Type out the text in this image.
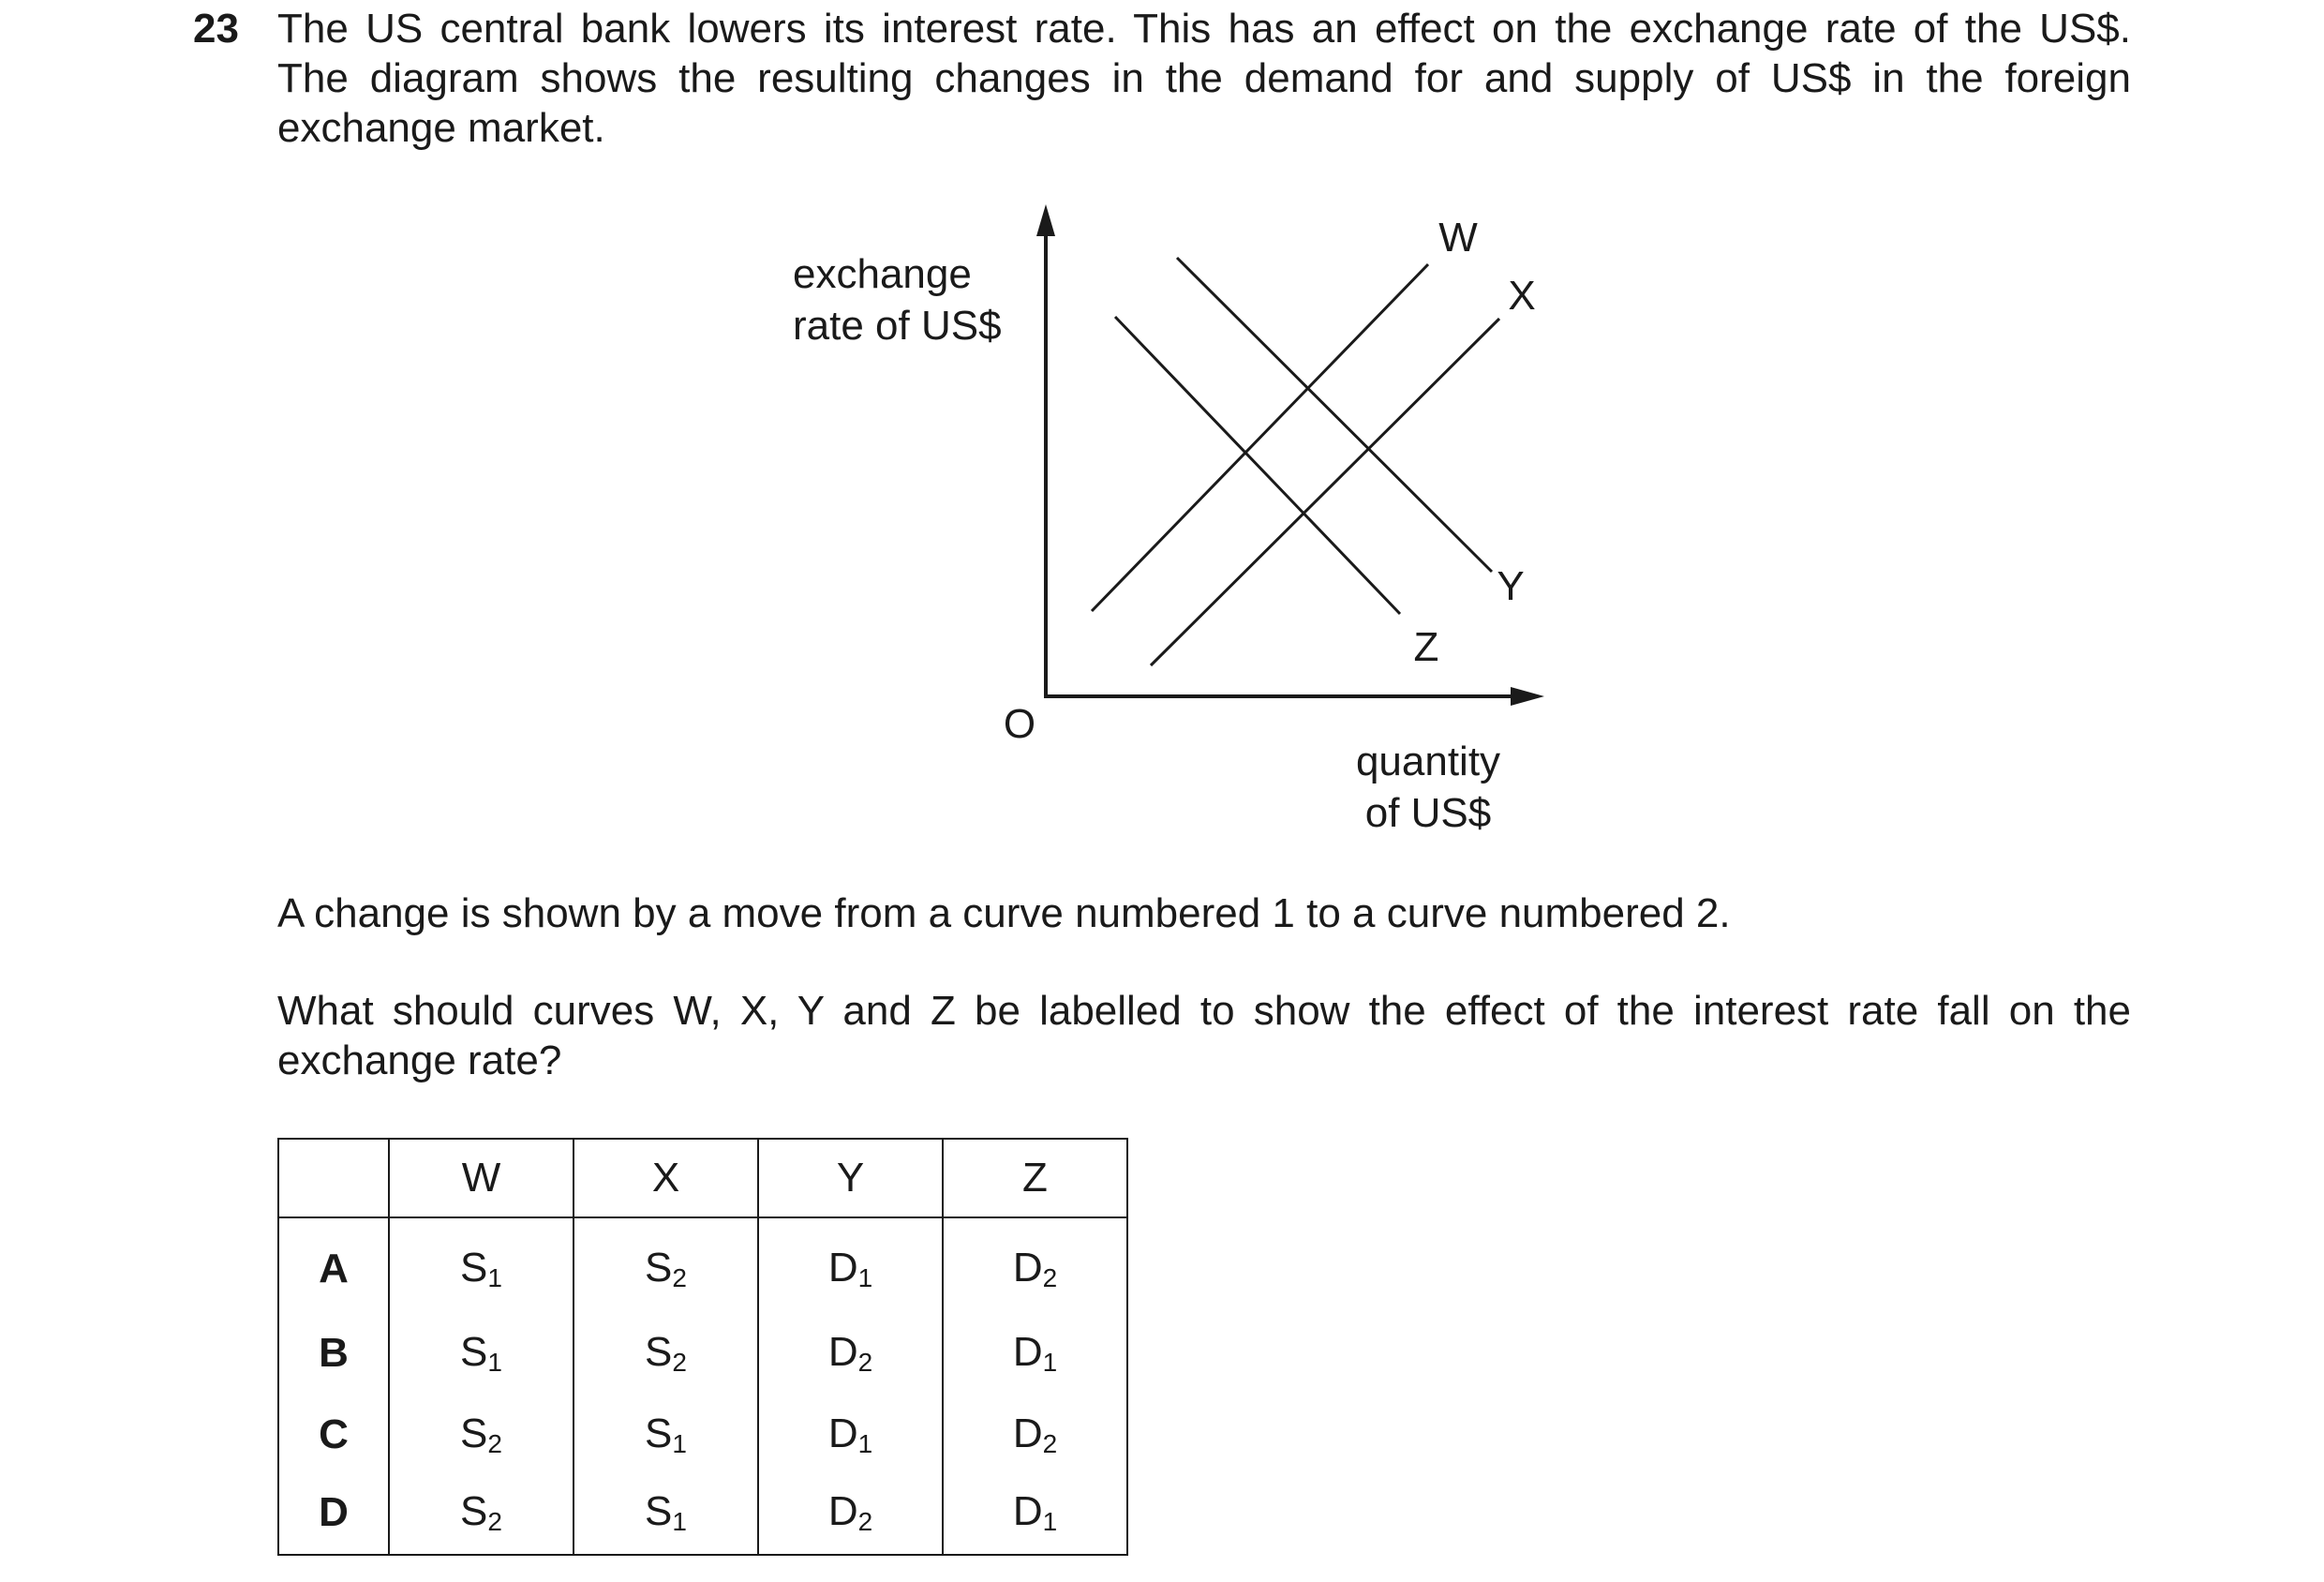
23 The US central bank lowers its interest rate. This has an effect on the exchange rate of the US$.
The diagram shows the resulting changes in the demand for and supply of US$ in the foreign
exchange market.
exchange
rate of US$
quantity
of US$
O
W
X
Y
Z
A change is shown by a move from a curve numbered 1 to a curve numbered 2.
What should curves W, X, Y and Z be labelled to show the effect of the interest rate fall on the
exchange rate?
	W	X	Y	Z
A	$S_1$	$S_2$	$D_1$	$D_2$
B	$S_1$	$S_2$	$D_2$	$D_1$
C	$S_2$	$S_1$	$D_1$	$D_2$
D	$S_2$	$S_1$	$D_2$	$D_1$
